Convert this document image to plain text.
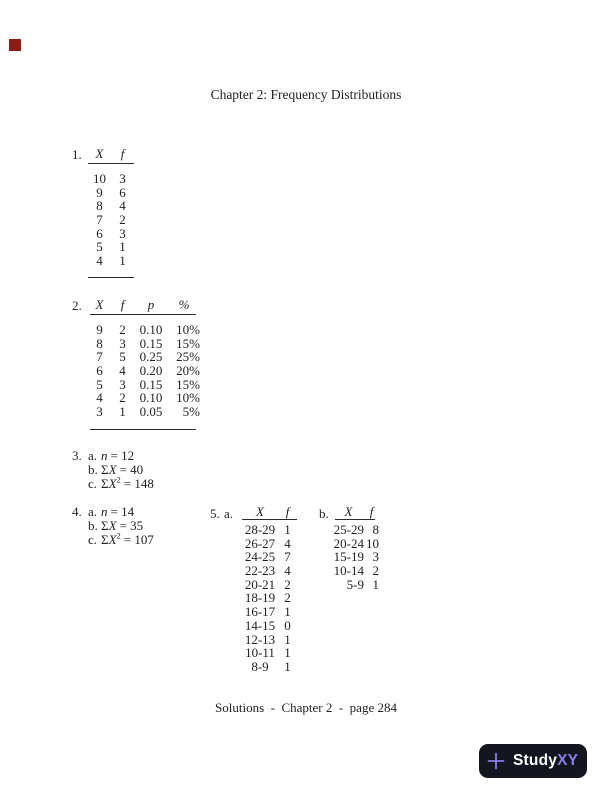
Chapter 2: Frequency Distributions
1.	X f
10 3
9 6
8 4
7 2
6 3
5 1
4 1
2.	X f p %
9 2 0.10 10%
8 3 0.15 15%
7 5 0.25 25%
6 4 0.20 20%
5 3 0.15 15%
4 2 0.10 10%
3 1 0.05 5%
3. a. n = 12
b. ΣX = 40
c. $\Sigma X^2 = 148$
4. a. n = 14
b. ΣX = 35
c. $\Sigma X^2 = 107$
5. a.	X f
28-29 1
26-27 4
24-25 7
22-23 4
20-21 2
18-19 2
16-17 1
14-15 0
12-13 1
10-11 1
8-9 1
b.	X f
25-29 8
20-24 10
15-19 3
10-14 2
5-9 1
Solutions  -  Chapter 2  -  page 284
Study XY
